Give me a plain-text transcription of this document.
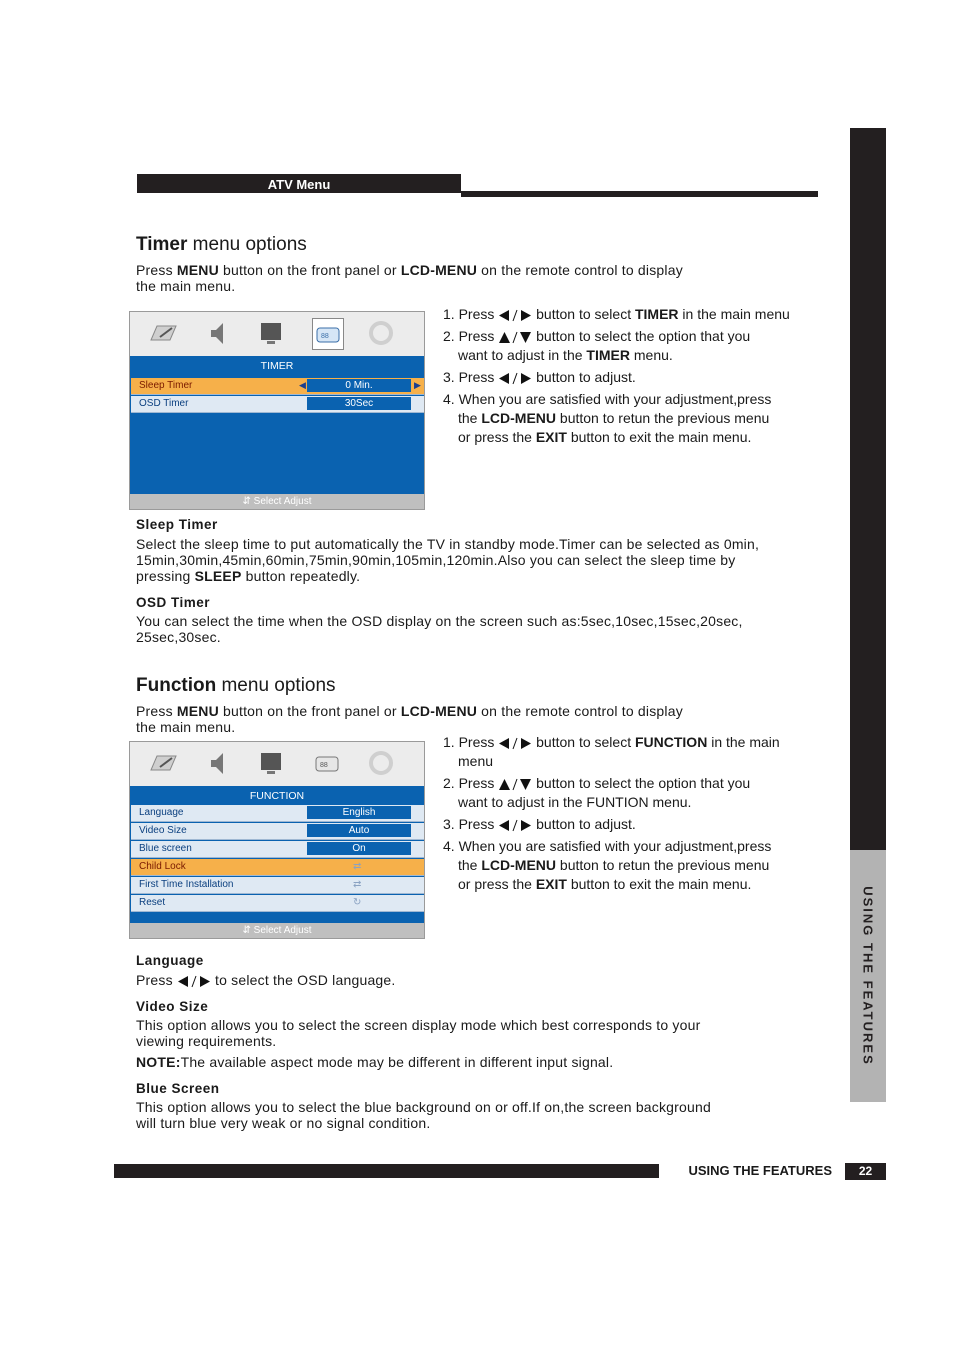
USING THE FEATURES
ATV Menu
Timer menu options
Press MENU button on the front panel or LCD-MENU on the remote control to display
the main menu.
88
TIMER
Sleep Timer	◀	0 Min.	▶
OSD Timer	30Sec
⇵ Select Adjust
1. Press  button to select TIMER in the main menu
2. Press  button to select the option that you
want to adjust in the TIMER menu.
3. Press  button to adjust.
4. When you are satisfied with your adjustment,press
the LCD-MENU button to retun the previous menu
or press the EXIT button to exit the main menu.
Sleep Timer
Select the sleep time to put automatically the TV in standby mode.Timer can be selected as 0min,
15min,30min,45min,60min,75min,90min,105min,120min.Also you can select the sleep time by
pressing SLEEP button repeatedly.
OSD Timer
You can select the time when the OSD display on the screen such as:5sec,10sec,15sec,20sec,
25sec,30sec.
Function menu options
Press MENU button on the front panel or LCD-MENU on the remote control to display
the main menu.
88
FUNCTION
Language	English
Video Size	Auto
Blue screen	On
Child Lock	⇄
First Time Installation	⇄
Reset	↻
⇵ Select Adjust
1. Press  button to select FUNCTION in the main
menu
2. Press  button to select the option that you
want to adjust in the FUNTION menu.
3. Press  button to adjust.
4. When you are satisfied with your adjustment,press
the LCD-MENU button to retun the previous menu
or press the EXIT button to exit the main menu.
Language
Press  to select the OSD language.
Video Size
This option allows you to select the screen display mode which best corresponds to your
viewing requirements.
NOTE:The available aspect mode may be different in different input signal.
Blue Screen
This option allows you to select the blue background on or off.If on,the screen background
will turn blue very weak or no signal condition.
USING THE FEATURES	22
